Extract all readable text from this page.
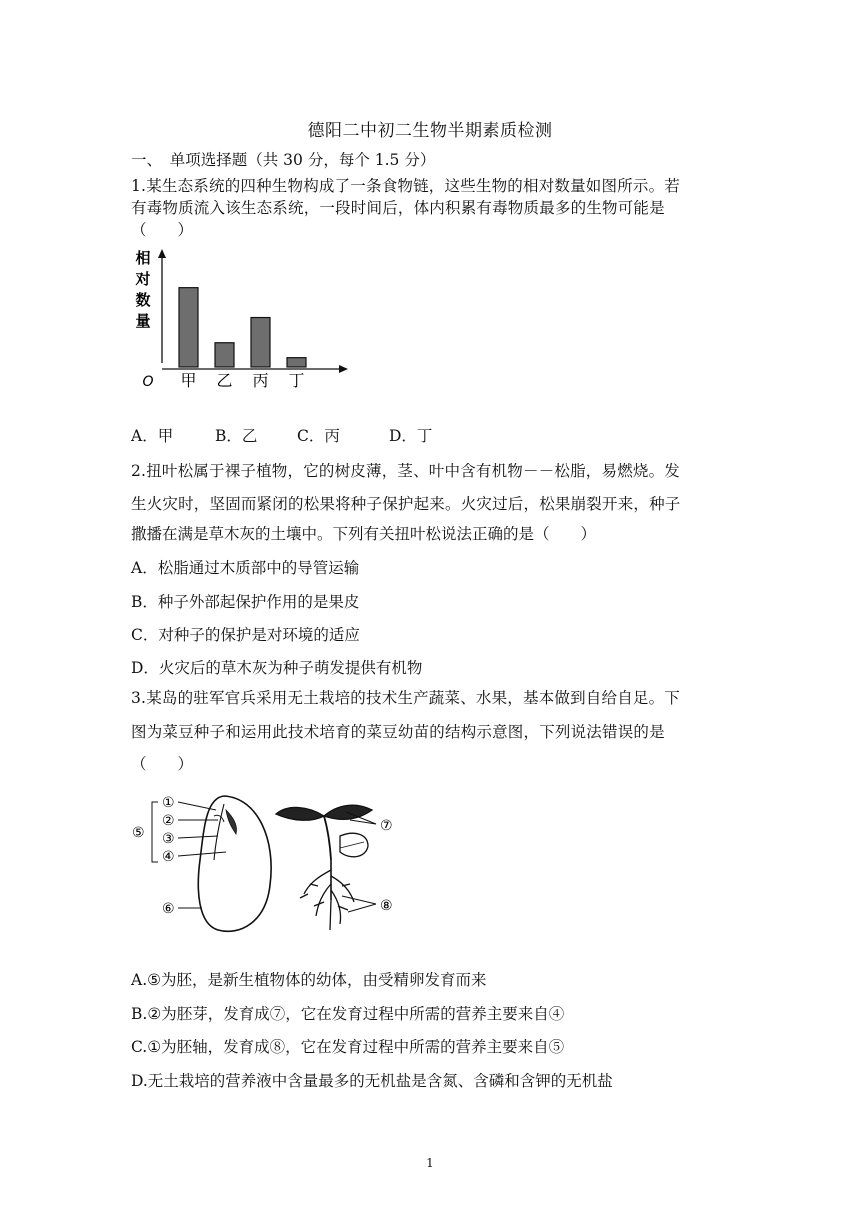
德阳二中初二生物半期素质检测
一、　单项选择题（共 30 分，每个 1.5 分）
1.某生态系统的四种生物构成了一条食物链，这些生物的相对数量如图所示。若
有毒物质流入该生态系统，一段时间后，体内积累有毒物质最多的生物可能是
（　　）
相对数量
O 甲 乙 丙 丁
A．甲	B．乙	C．丙	D．丁
2.扭叶松属于裸子植物，它的树皮薄，茎、叶中含有机物－－松脂，易燃烧。发
生火灾时，坚固而紧闭的松果将种子保护起来。火灾过后，松果崩裂开来，种子
撒播在满是草木灰的土壤中。下列有关扭叶松说法正确的是（　　）
A．松脂通过木质部中的导管运输
B．种子外部起保护作用的是果皮
C．对种子的保护是对环境的适应
D．火灾后的草木灰为种子萌发提供有机物
3.某岛的驻军官兵采用无土栽培的技术生产蔬菜、水果，基本做到自给自足。下
图为菜豆种子和运用此技术培育的菜豆幼苗的结构示意图，下列说法错误的是
（　　）
①
②
③
④
⑤
⑥
⑦
⑧
A.⑤为胚，是新生植物体的幼体，由受精卵发育而来
B.②为胚芽，发育成⑦，它在发育过程中所需的营养主要来自④
C.①为胚轴，发育成⑧，它在发育过程中所需的营养主要来自⑤
D.无土栽培的营养液中含量最多的无机盐是含氮、含磷和含钾的无机盐
1
